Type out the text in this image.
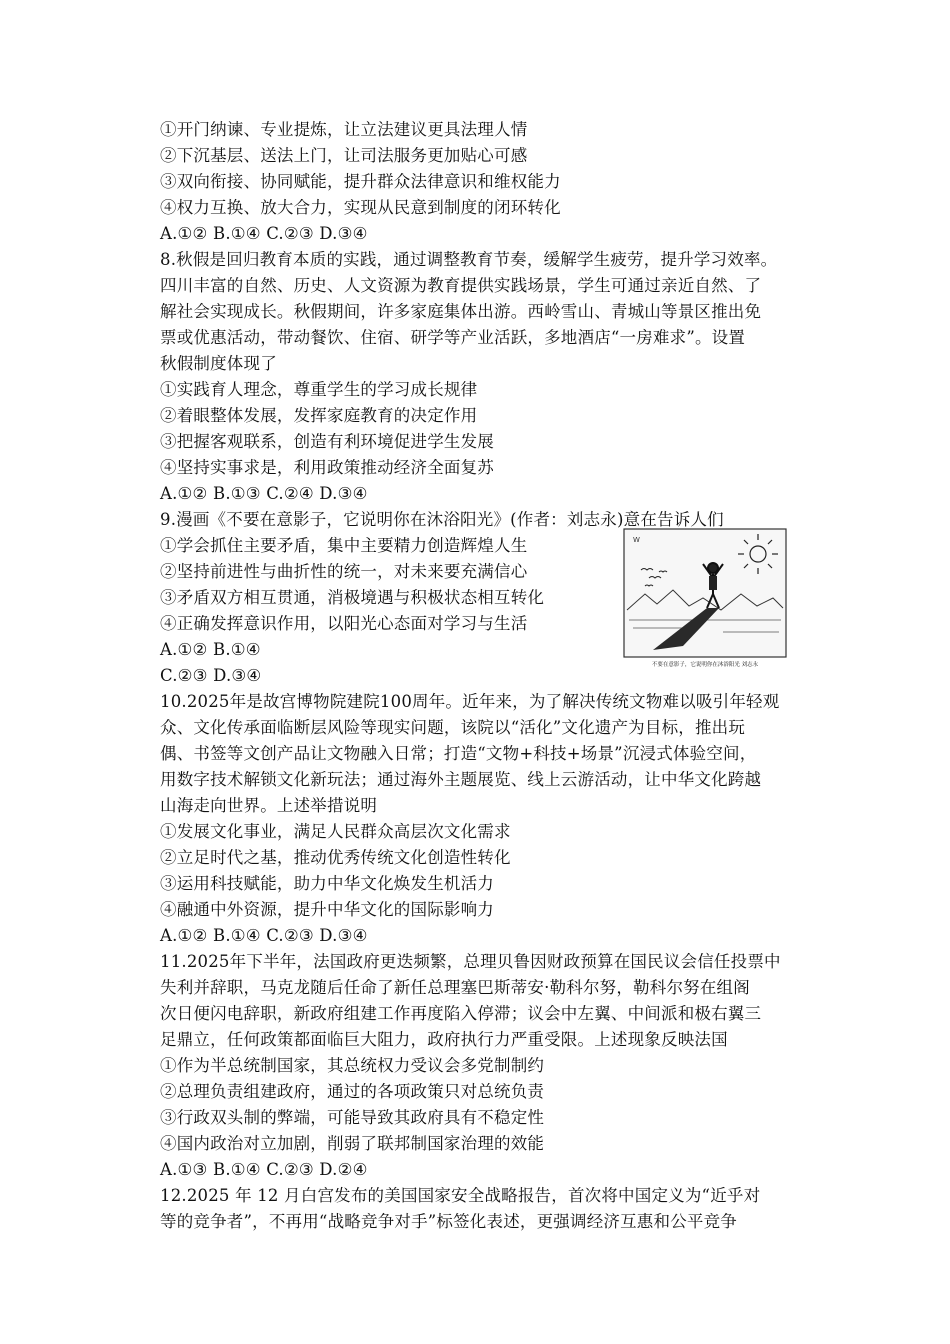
①开门纳谏、专业提炼，让立法建议更具法理人情
②下沉基层、送法上门，让司法服务更加贴心可感
③双向衔接、协同赋能，提升群众法律意识和维权能力
④权力互换、放大合力，实现从民意到制度的闭环转化
A.①② B.①④ C.②③ D.③④
8.秋假是回归教育本质的实践，通过调整教育节奏，缓解学生疲劳，提升学习效率。
四川丰富的自然、历史、人文资源为教育提供实践场景，学生可通过亲近自然、了
解社会实现成长。秋假期间，许多家庭集体出游。西岭雪山、青城山等景区推出免
票或优惠活动，带动餐饮、住宿、研学等产业活跃，多地酒店“一房难求”。设置
秋假制度体现了
①实践育人理念，尊重学生的学习成长规律
②着眼整体发展，发挥家庭教育的决定作用
③把握客观联系，创造有利环境促进学生发展
④坚持实事求是，利用政策推动经济全面复苏
A.①② B.①③ C.②④ D.③④
9.漫画《不要在意影子，它说明你在沐浴阳光》(作者：刘志永)意在告诉人们
①学会抓住主要矛盾，集中主要精力创造辉煌人生
②坚持前进性与曲折性的统一，对未来要充满信心
③矛盾双方相互贯通，消极境遇与积极状态相互转化
④正确发挥意识作用，以阳光心态面对学习与生活
A.①② B.①④
C.②③ D.③④
10.2025年是故宫博物院建院100周年。近年来，为了解决传统文物难以吸引年轻观
众、文化传承面临断层风险等现实问题，该院以“活化”文化遗产为目标，推出玩
偶、书签等文创产品让文物融入日常；打造“文物+科技+场景”沉浸式体验空间，
用数字技术解锁文化新玩法；通过海外主题展览、线上云游活动，让中华文化跨越
山海走向世界。上述举措说明
①发展文化事业，满足人民群众高层次文化需求
②立足时代之基，推动优秀传统文化创造性转化
③运用科技赋能，助力中华文化焕发生机活力
④融通中外资源，提升中华文化的国际影响力
A.①② B.①④ C.②③ D.③④
11.2025年下半年，法国政府更迭频繁，总理贝鲁因财政预算在国民议会信任投票中
失利并辞职，马克龙随后任命了新任总理塞巴斯蒂安·勒科尔努，勒科尔努在组阁
次日便闪电辞职，新政府组建工作再度陷入停滞；议会中左翼、中间派和极右翼三
足鼎立，任何政策都面临巨大阻力，政府执行力严重受限。上述现象反映法国
①作为半总统制国家，其总统权力受议会多党制制约
②总理负责组建政府，通过的各项政策只对总统负责
③行政双头制的弊端，可能导致其政府具有不稳定性
④国内政治对立加剧，削弱了联邦制国家治理的效能
A.①③ B.①④ C.②③ D.②④
12.2025 年 12 月白宫发布的美国国家安全战略报告，首次将中国定义为“近乎对
等的竞争者”，不再用“战略竞争对手”标签化表述，更强调经济互惠和公平竞争
W
不要在意影子，它说明你在沐浴阳光 刘志永
